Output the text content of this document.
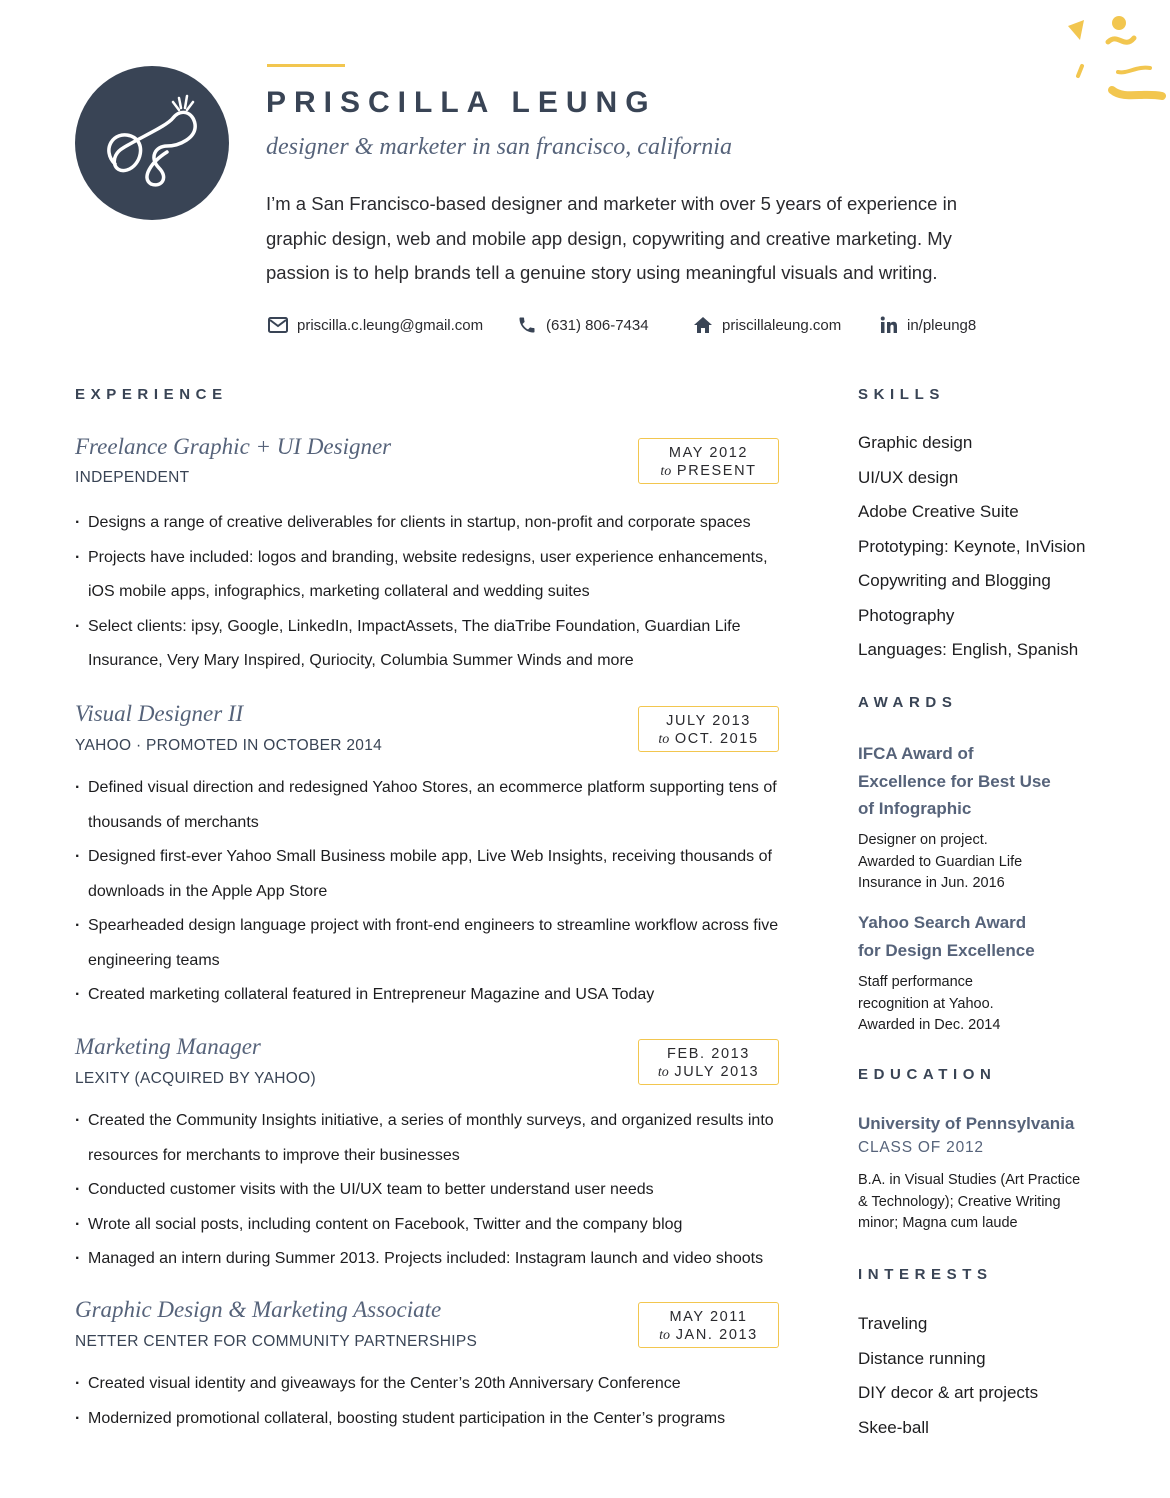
PRISCILLA LEUNG
designer & marketer in san francisco, california
I’m a San Francisco-based designer and marketer with over 5 years of experience in graphic design, web and mobile app design, copywriting and creative marketing. My passion is to help brands tell a genuine story using meaningful visuals and writing.
priscilla.c.leung@gmail.com	(631) 806-7434	priscillaleung.com	in/pleung8
EXPERIENCE
Freelance Graphic + UI Designer
INDEPENDENT
MAY 2012
to PRESENT
· Designs a range of creative deliverables for clients in startup, non-profit and corporate spaces
· Projects have included: logos and branding, website redesigns, user experience enhancements, iOS mobile apps, infographics, marketing collateral and wedding suites
· Select clients: ipsy, Google, LinkedIn, ImpactAssets, The diaTribe Foundation, Guardian Life Insurance, Very Mary Inspired, Quriocity, Columbia Summer Winds and more
Visual Designer II
YAHOO · PROMOTED IN OCTOBER 2014
JULY 2013
to OCT. 2015
· Defined visual direction and redesigned Yahoo Stores, an ecommerce platform supporting tens of thousands of merchants
· Designed first-ever Yahoo Small Business mobile app, Live Web Insights, receiving thousands of downloads in the Apple App Store
· Spearheaded design language project with front-end engineers to streamline workflow across five engineering teams
· Created marketing collateral featured in Entrepreneur Magazine and USA Today
Marketing Manager
LEXITY (ACQUIRED BY YAHOO)
FEB. 2013
to JULY 2013
· Created the Community Insights initiative, a series of monthly surveys, and organized results into resources for merchants to improve their businesses
· Conducted customer visits with the UI/UX team to better understand user needs
· Wrote all social posts, including content on Facebook, Twitter and the company blog
· Managed an intern during Summer 2013. Projects included: Instagram launch and video shoots
Graphic Design & Marketing Associate
NETTER CENTER FOR COMMUNITY PARTNERSHIPS
MAY 2011
to JAN. 2013
· Created visual identity and giveaways for the Center’s 20th Anniversary Conference
· Modernized promotional collateral, boosting student participation in the Center’s programs
SKILLS
Graphic design
UI/UX design
Adobe Creative Suite
Prototyping: Keynote, InVision
Copywriting and Blogging
Photography
Languages: English, Spanish
AWARDS
IFCA Award of Excellence for Best Use of Infographic
Designer on project. Awarded to Guardian Life Insurance in Jun. 2016
Yahoo Search Award for Design Excellence
Staff performance recognition at Yahoo. Awarded in Dec. 2014
EDUCATION
University of Pennsylvania
CLASS OF 2012
B.A. in Visual Studies (Art Practice & Technology); Creative Writing minor; Magna cum laude
INTERESTS
Traveling
Distance running
DIY decor & art projects
Skee-ball
